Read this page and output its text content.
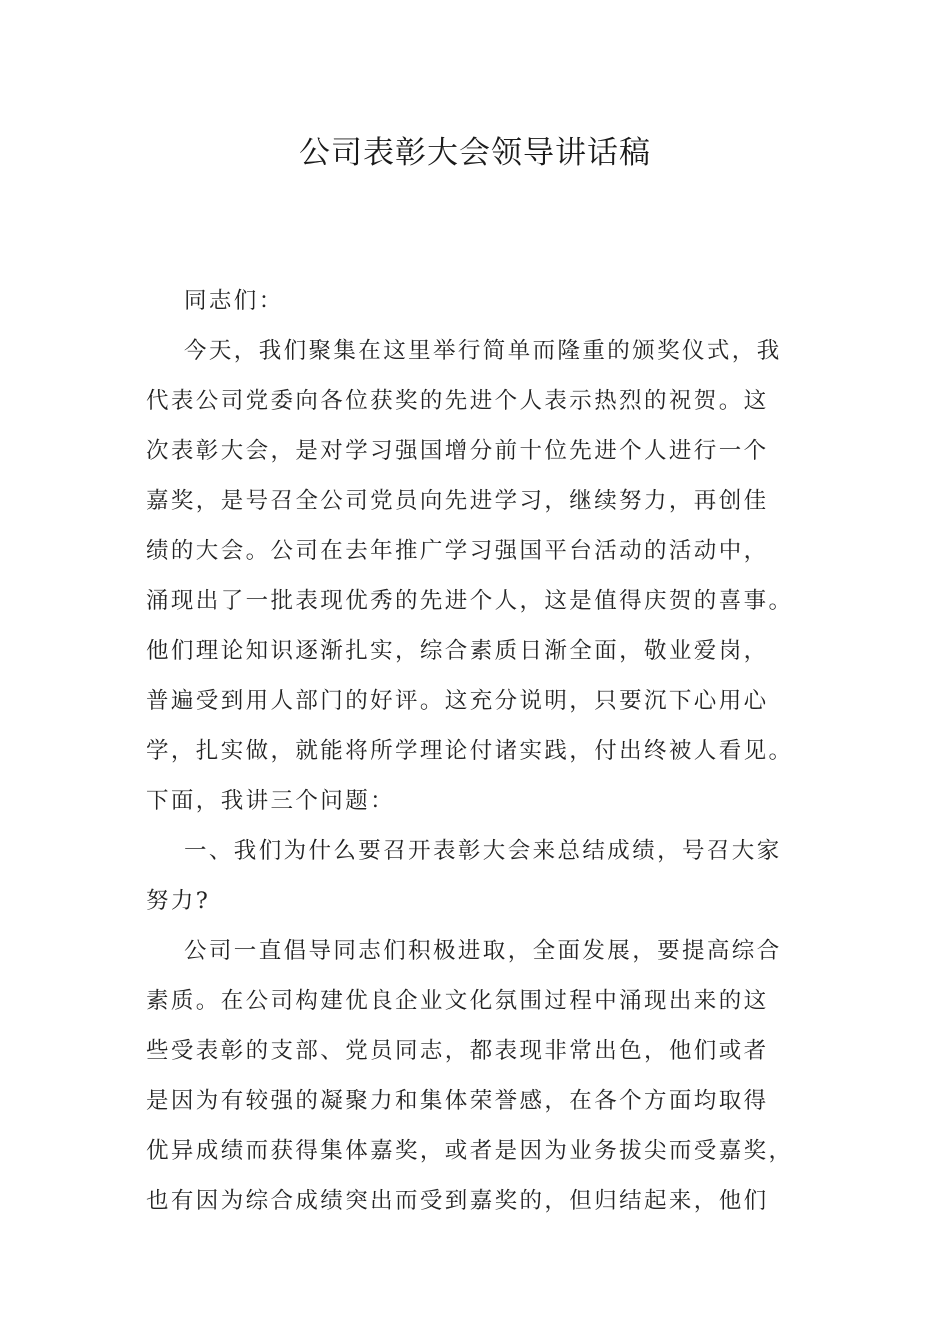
公司表彰大会领导讲话稿
同志们：
今天，我们聚集在这里举行简单而隆重的颁奖仪式，我
代表公司党委向各位获奖的先进个人表示热烈的祝贺。这
次表彰大会，是对学习强国增分前十位先进个人进行一个
嘉奖，是号召全公司党员向先进学习，继续努力，再创佳
绩的大会。公司在去年推广学习强国平台活动的活动中，
涌现出了一批表现优秀的先进个人，这是值得庆贺的喜事。
他们理论知识逐渐扎实，综合素质日渐全面，敬业爱岗，
普遍受到用人部门的好评。这充分说明，只要沉下心用心
学，扎实做，就能将所学理论付诸实践，付出终被人看见。
下面，我讲三个问题：
一、我们为什么要召开表彰大会来总结成绩，号召大家
努力?
公司一直倡导同志们积极进取，全面发展，要提高综合
素质。在公司构建优良企业文化氛围过程中涌现出来的这
些受表彰的支部、党员同志，都表现非常出色，他们或者
是因为有较强的凝聚力和集体荣誉感，在各个方面均取得
优异成绩而获得集体嘉奖，或者是因为业务拔尖而受嘉奖，
也有因为综合成绩突出而受到嘉奖的，但归结起来，他们
